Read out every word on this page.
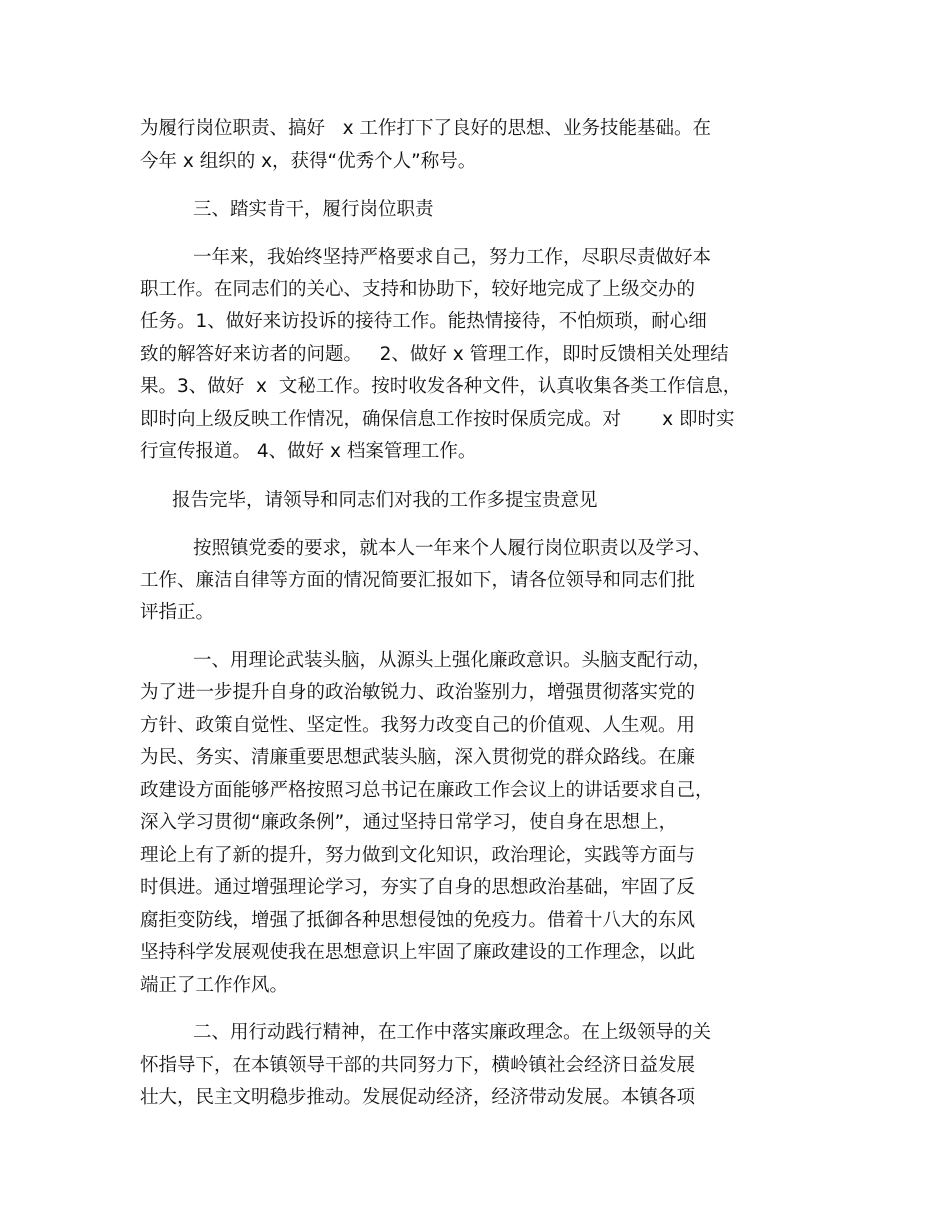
为履行岗位职责、搞好   x 工作打下了良好的思想、业务技能基础。在
今年 x 组织的 x，获得“优秀个人”称号。
三、踏实肯干，履行岗位职责
一年来，我始终坚持严格要求自己，努力工作，尽职尽责做好本
职工作。在同志们的关心、支持和协助下，较好地完成了上级交办的
任务。1、做好来访投诉的接待工作。能热情接待，不怕烦琐，耐心细
致的解答好来访者的问题。   2、做好 x 管理工作，即时反馈相关处理结
果。3、做好  x  文秘工作。按时收发各种文件，认真收集各类工作信息，
即时向上级反映工作情况，确保信息工作按时保质完成。对       x 即时实
行宣传报道。 4、做好 x 档案管理工作。
报告完毕，请领导和同志们对我的工作多提宝贵意见
按照镇党委的要求，就本人一年来个人履行岗位职责以及学习、
工作、廉洁自律等方面的情况简要汇报如下，请各位领导和同志们批
评指正。
一、用理论武装头脑，从源头上强化廉政意识。头脑支配行动，
为了进一步提升自身的政治敏锐力、政治鉴别力，增强贯彻落实党的
方针、政策自觉性、坚定性。我努力改变自己的价值观、人生观。用
为民、务实、清廉重要思想武装头脑，深入贯彻党的群众路线。在廉
政建设方面能够严格按照习总书记在廉政工作会议上的讲话要求自己，
深入学习贯彻“廉政条例”，通过坚持日常学习，使自身在思想上，
理论上有了新的提升，努力做到文化知识，政治理论，实践等方面与
时俱进。通过增强理论学习，夯实了自身的思想政治基础，牢固了反
腐拒变防线，增强了抵御各种思想侵蚀的免疫力。借着十八大的东风
坚持科学发展观使我在思想意识上牢固了廉政建设的工作理念，以此
端正了工作作风。
二、用行动践行精神，在工作中落实廉政理念。在上级领导的关
怀指导下，在本镇领导干部的共同努力下，横岭镇社会经济日益发展
壮大，民主文明稳步推动。发展促动经济，经济带动发展。本镇各项
